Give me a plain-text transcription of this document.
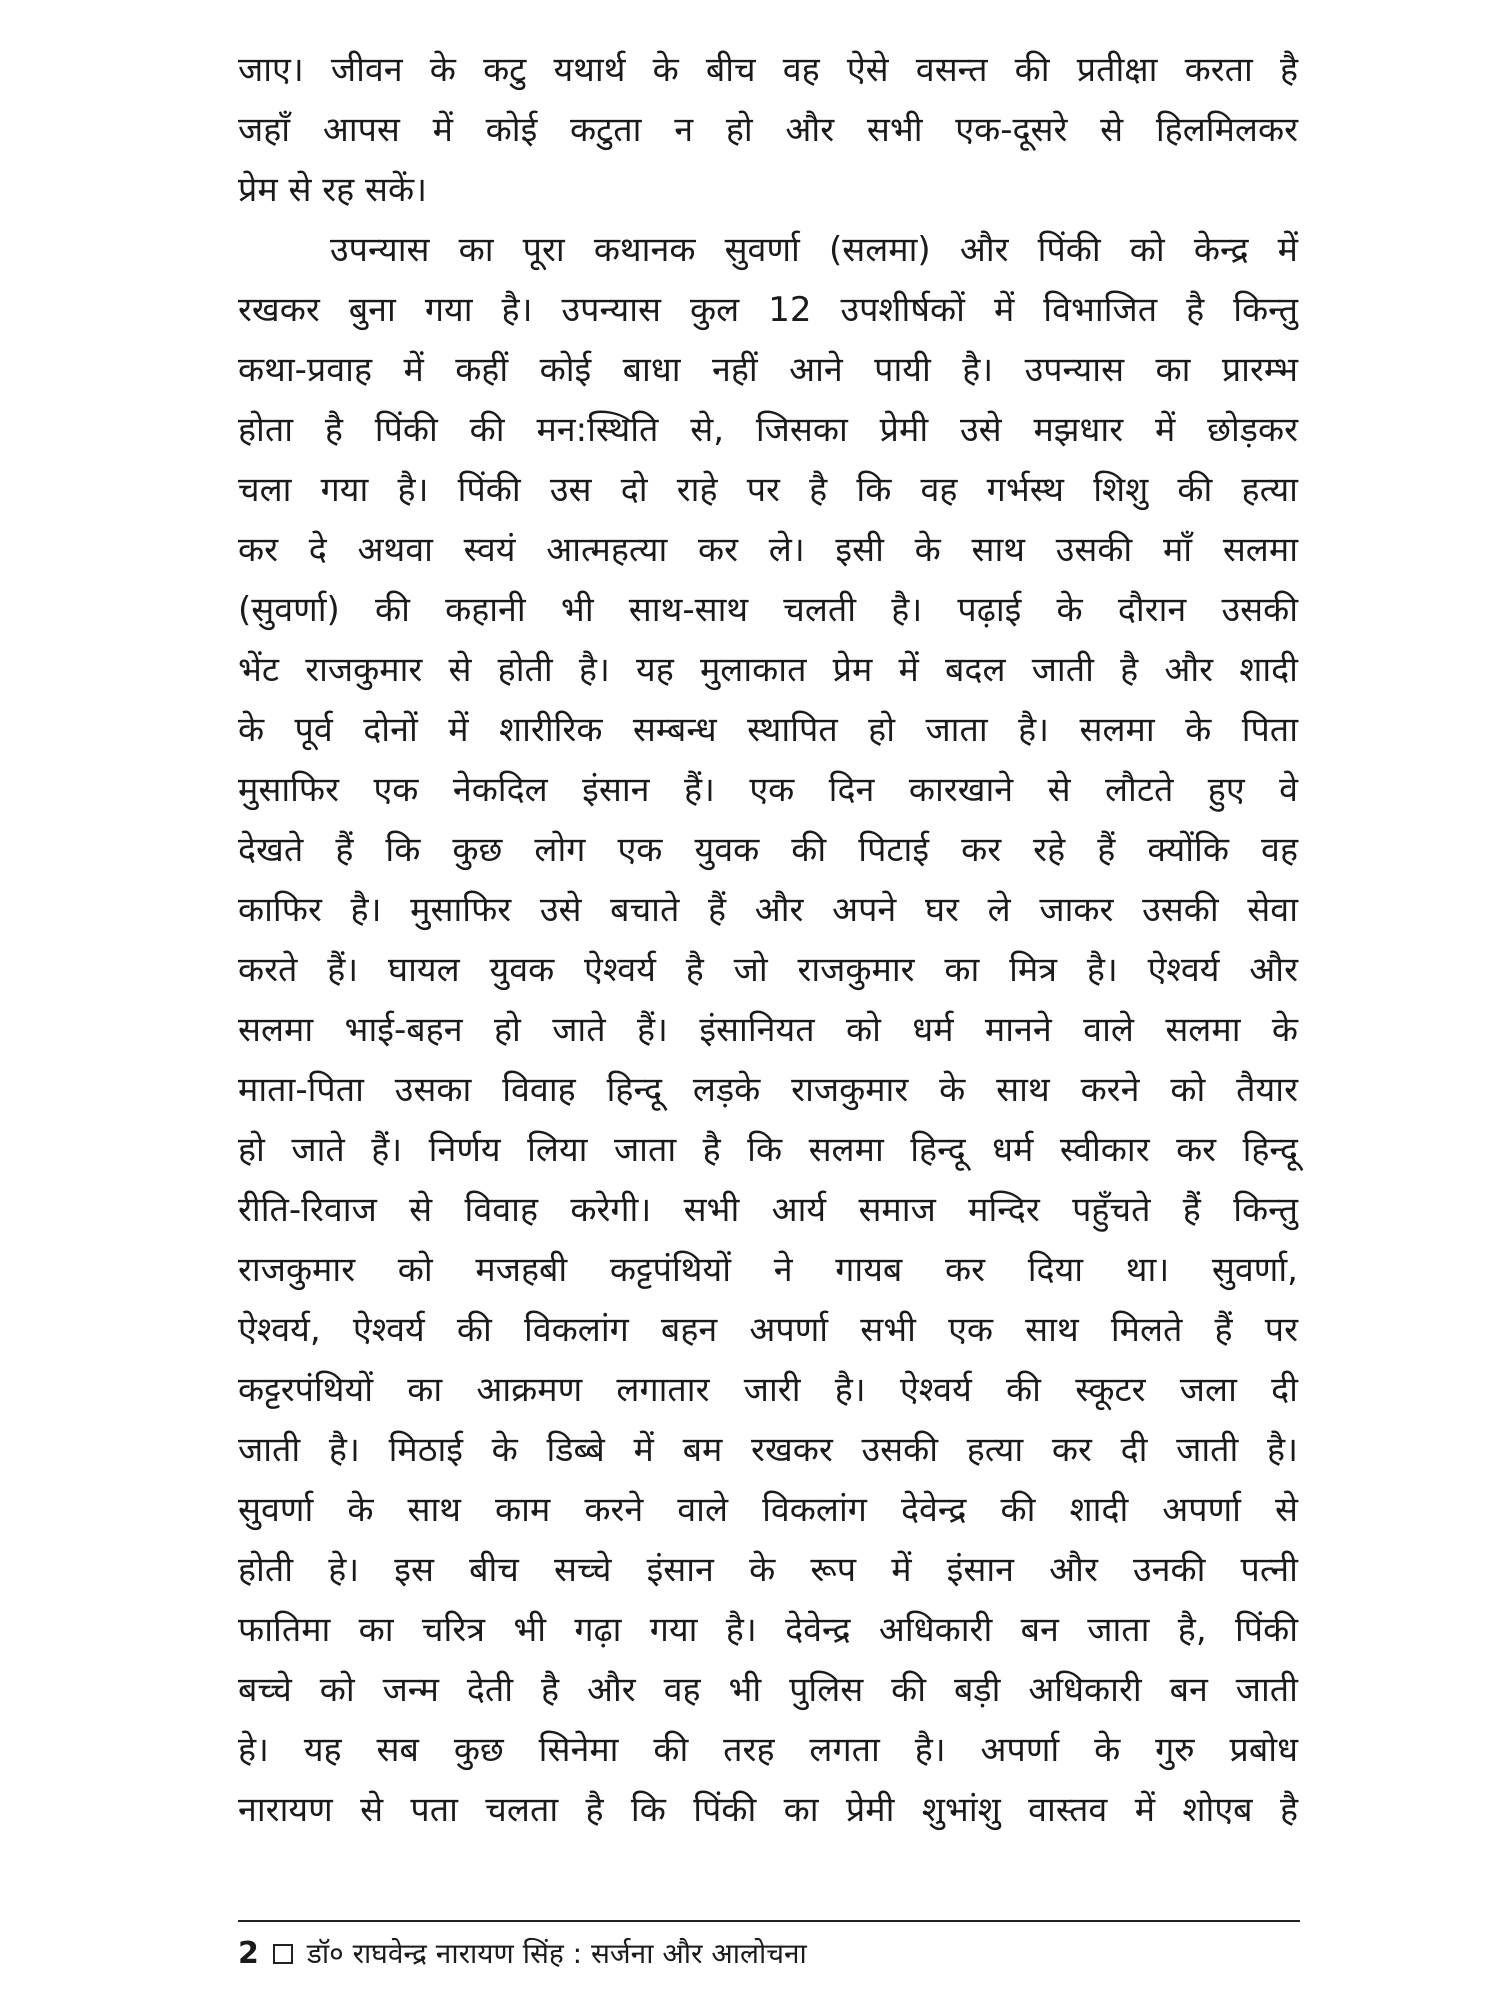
जाए। जीवन के कटु यथार्थ के बीच वह ऐसे वसन्त की प्रतीक्षा करता है
जहाँ आपस में कोई कटुता न हो और सभी एक-दूसरे से हिलमिलकर
प्रेम से रह सकें।
उपन्यास का पूरा कथानक सुवर्णा (सलमा) और पिंकी को केन्द्र में
रखकर बुना गया है। उपन्यास कुल 12 उपशीर्षकों में विभाजित है किन्तु
कथा-प्रवाह में कहीं कोई बाधा नहीं आने पायी है। उपन्यास का प्रारम्भ
होता है पिंकी की मन:स्थिति से, जिसका प्रेमी उसे मझधार में छोड़कर
चला गया है। पिंकी उस दो राहे पर है कि वह गर्भस्थ शिशु की हत्या
कर दे अथवा स्वयं आत्महत्या कर ले। इसी के साथ उसकी माँ सलमा
(सुवर्णा) की कहानी भी साथ-साथ चलती है। पढ़ाई के दौरान उसकी
भेंट राजकुमार से होती है। यह मुलाकात प्रेम में बदल जाती है और शादी
के पूर्व दोनों में शारीरिक सम्बन्ध स्थापित हो जाता है। सलमा के पिता
मुसाफिर एक नेकदिल इंसान हैं। एक दिन कारखाने से लौटते हुए वे
देखते हैं कि कुछ लोग एक युवक की पिटाई कर रहे हैं क्योंकि वह
काफिर है। मुसाफिर उसे बचाते हैं और अपने घर ले जाकर उसकी सेवा
करते हैं। घायल युवक ऐश्वर्य है जो राजकुमार का मित्र है। ऐश्वर्य और
सलमा भाई-बहन हो जाते हैं। इंसानियत को धर्म मानने वाले सलमा के
माता-पिता उसका विवाह हिन्दू लड़के राजकुमार के साथ करने को तैयार
हो जाते हैं। निर्णय लिया जाता है कि सलमा हिन्दू धर्म स्वीकार कर हिन्दू
रीति-रिवाज से विवाह करेगी। सभी आर्य समाज मन्दिर पहुँचते हैं किन्तु
राजकुमार को मजहबी कट्टपंथियों ने गायब कर दिया था। सुवर्णा,
ऐश्वर्य, ऐश्वर्य की विकलांग बहन अपर्णा सभी एक साथ मिलते हैं पर
कट्टरपंथियों का आक्रमण लगातार जारी है। ऐश्वर्य की स्कूटर जला दी
जाती है। मिठाई के डिब्बे में बम रखकर उसकी हत्या कर दी जाती है।
सुवर्णा के साथ काम करने वाले विकलांग देवेन्द्र की शादी अपर्णा से
होती हे। इस बीच सच्चे इंसान के रूप में इंसान और उनकी पत्नी
फातिमा का चरित्र भी गढ़ा गया है। देवेन्द्र अधिकारी बन जाता है, पिंकी
बच्चे को जन्म देती है और वह भी पुलिस की बड़ी अधिकारी बन जाती
हे। यह सब कुछ सिनेमा की तरह लगता है। अपर्णा के गुरु प्रबोध
नारायण से पता चलता है कि पिंकी का प्रेमी शुभांशु वास्तव में शोएब है
2 डॉ० राघवेन्द्र नारायण सिंह : सर्जना और आलोचना
